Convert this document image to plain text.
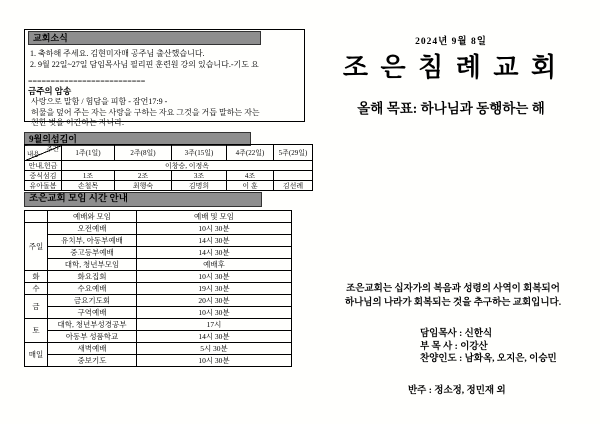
교회소식
1. 축하해 주세요. 김현미자매 공주님 출산했습니다.
2. 9월 22일~27일 담임목사님 필리핀 훈련원 강의 있습니다.-기도 요
==========================
금주의 암송
사랑으로 말함 / 험담을 피함 - 잠언17:9 -
허물을 덮어 주는 자는 사랑을 구하는 자요 그것을 거듭 말하는 자는
친한 벗을 이간하는 자니라.
9월의섬김이
주간
내용	1주(1일)	2주(8일)	3주(15일)	4주(22일)	5주(29일)
안내,헌금	이창승, 이정옥				
중식섬김	1조	2조	3조	4조	
유아돌봄	손철목	최행숙	김명희	이 훈	김선례
조은교회 모임 시간 안내
	예배와 모임	예배 및 모임
주일	오전예배	10시 30분
	유치부, 아동부예배	14시 30분
	중고등부예배	14시 30분
	대학, 청년부모임	예배후
화	화요집회	10시 30분
수	수요예배	19시 30분
금	금요기도회	20시 30분
	구역예배	10시 30분
토	대학, 청년부성경공부	17시
	아동부 성품학교	14시 30분
매일	새벽예배	5시 30분
	중보기도	10시 30분
2024년 9월 8일
조 은 침 례 교 회
올해 목표: 하나님과 동행하는 해
조은교회는 십자가의 복음과 성령의 사역이 회복되어
하나님의 나라가 회복되는 것을 추구하는 교회입니다.
담임목사 : 신한식
부 목 사 : 이강산
찬양인도 : 남화옥, 오지은, 이승민
반주 : 정소정, 정민재 외
